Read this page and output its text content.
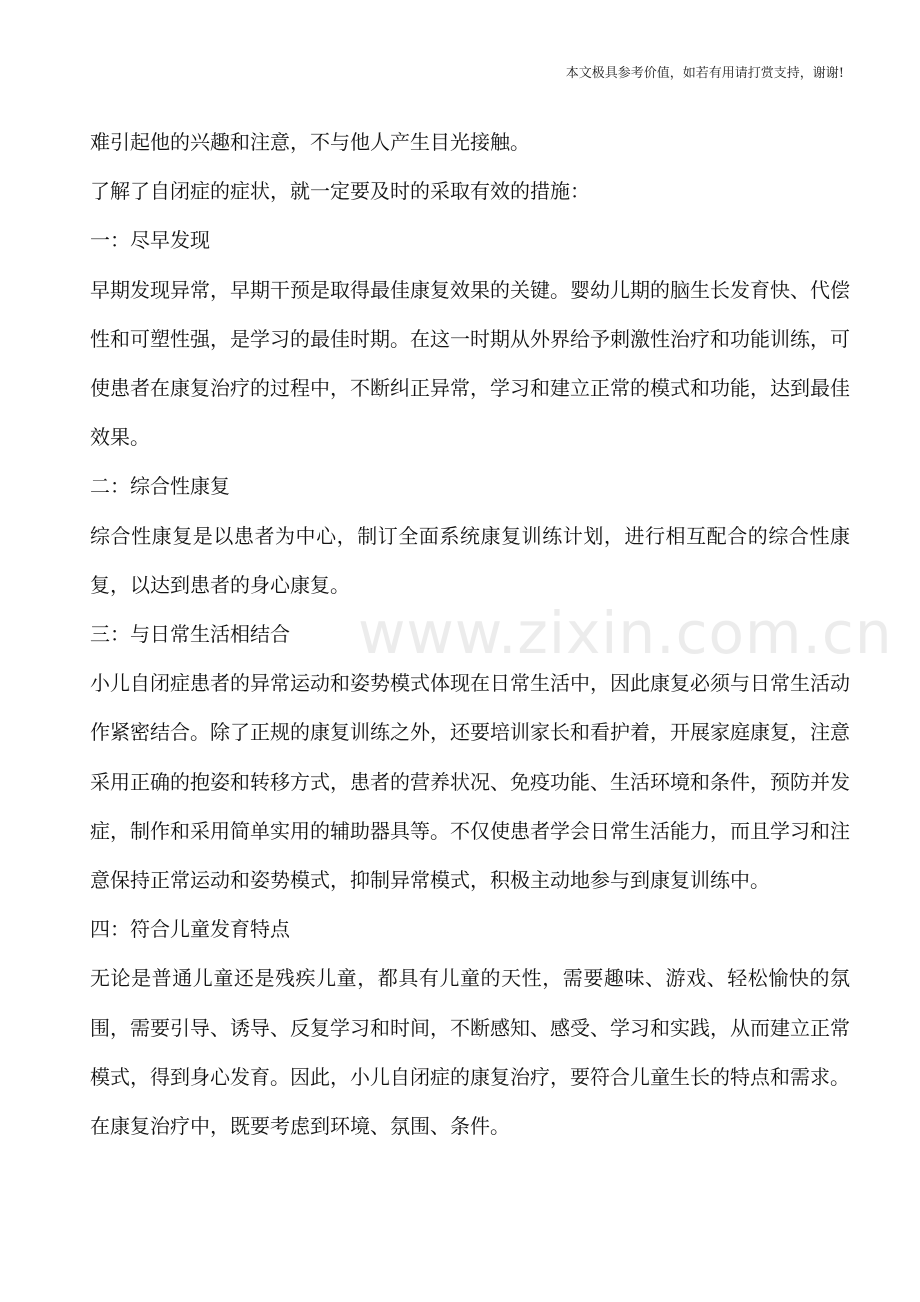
本文极具参考价值，如若有用请打赏支持，谢谢!
www.zixin.com.cn

难引起他的兴趣和注意，不与他人产生目光接触。

了解了自闭症的症状，就一定要及时的采取有效的措施：

一：尽早发现

早期发现异常，早期干预是取得最佳康复效果的关键。婴幼儿期的脑生长发育快、代偿性和可塑性强，是学习的最佳时期。在这一时期从外界给予刺激性治疗和功能训练，可使患者在康复治疗的过程中，不断纠正异常，学习和建立正常的模式和功能，达到最佳效果。

二：综合性康复

综合性康复是以患者为中心，制订全面系统康复训练计划，进行相互配合的综合性康复，以达到患者的身心康复。

三：与日常生活相结合

小儿自闭症患者的异常运动和姿势模式体现在日常生活中，因此康复必须与日常生活动作紧密结合。除了正规的康复训练之外，还要培训家长和看护着，开展家庭康复，注意采用正确的抱姿和转移方式，患者的营养状况、免疫功能、生活环境和条件，预防并发症，制作和采用简单实用的辅助器具等。不仅使患者学会日常生活能力，而且学习和注意保持正常运动和姿势模式，抑制异常模式，积极主动地参与到康复训练中。

四：符合儿童发育特点

无论是普通儿童还是残疾儿童，都具有儿童的天性，需要趣味、游戏、轻松愉快的氛围，需要引导、诱导、反复学习和时间，不断感知、感受、学习和实践，从而建立正常模式，得到身心发育。因此，小儿自闭症的康复治疗，要符合儿童生长的特点和需求。在康复治疗中，既要考虑到环境、氛围、条件。
